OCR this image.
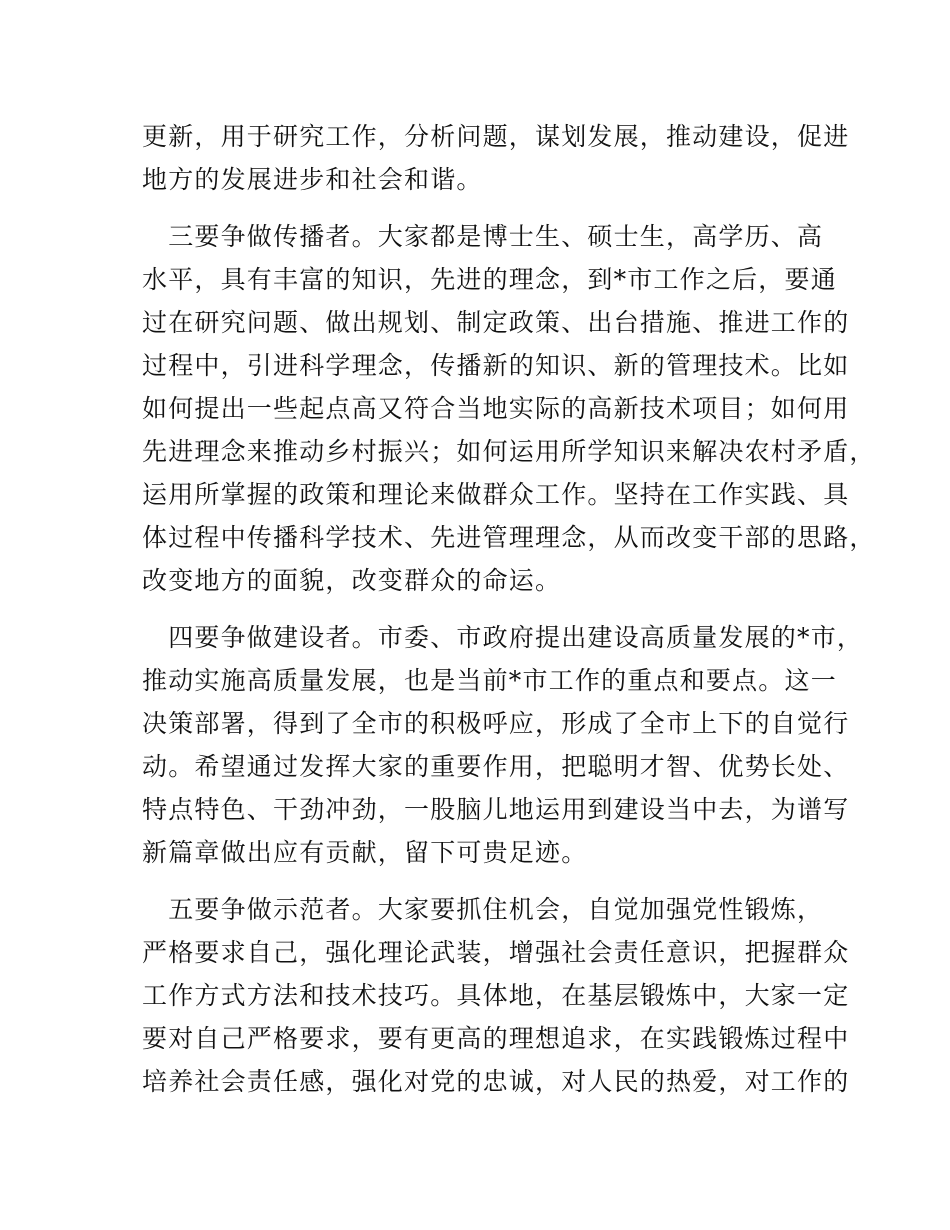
更新，用于研究工作，分析问题，谋划发展，推动建设，促进
地方的发展进步和社会和谐。
　三要争做传播者。大家都是博士生、硕士生，高学历、高
水平，具有丰富的知识，先进的理念，到*市工作之后，要通
过在研究问题、做出规划、制定政策、出台措施、推进工作的
过程中，引进科学理念，传播新的知识、新的管理技术。比如
如何提出一些起点高又符合当地实际的高新技术项目；如何用
先进理念来推动乡村振兴；如何运用所学知识来解决农村矛盾，
运用所掌握的政策和理论来做群众工作。坚持在工作实践、具
体过程中传播科学技术、先进管理理念，从而改变干部的思路，
改变地方的面貌，改变群众的命运。
　四要争做建设者。市委、市政府提出建设高质量发展的*市，
推动实施高质量发展，也是当前*市工作的重点和要点。这一
决策部署，得到了全市的积极呼应，形成了全市上下的自觉行
动。希望通过发挥大家的重要作用，把聪明才智、优势长处、
特点特色、干劲冲劲，一股脑儿地运用到建设当中去，为谱写
新篇章做出应有贡献，留下可贵足迹。
　五要争做示范者。大家要抓住机会，自觉加强党性锻炼，
严格要求自己，强化理论武装，增强社会责任意识，把握群众
工作方式方法和技术技巧。具体地，在基层锻炼中，大家一定
要对自己严格要求，要有更高的理想追求，在实践锻炼过程中
培养社会责任感，强化对党的忠诚，对人民的热爱，对工作的
